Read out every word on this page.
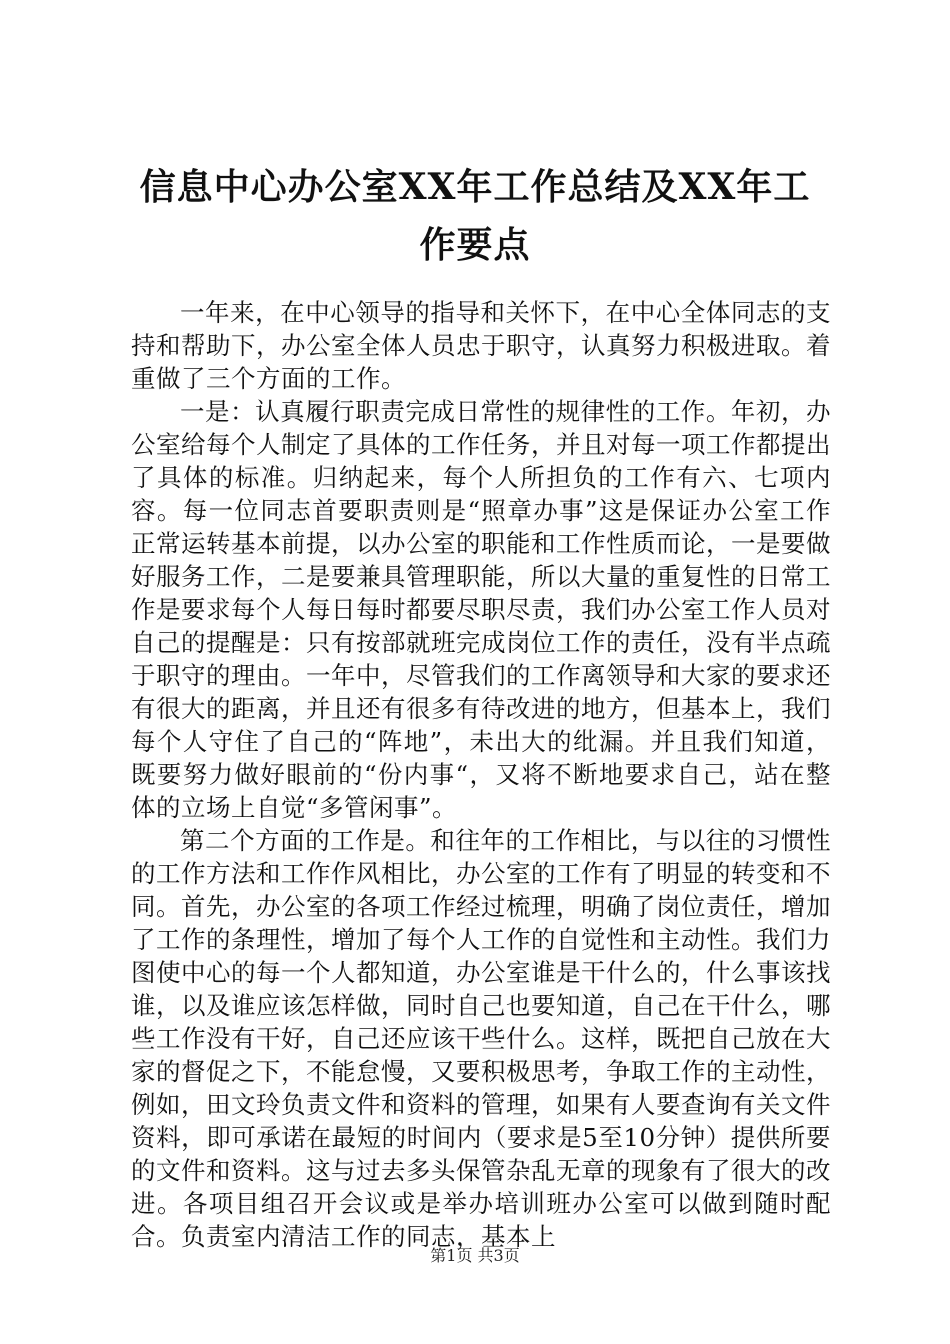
信息中心办公室XX年工作总结及XX年工作要点

一年来，在中心领导的指导和关怀下，在中心全体同志的支持和帮助下，办公室全体人员忠于职守，认真努力积极进取。着重做了三个方面的工作。

一是：认真履行职责完成日常性的规律性的工作。年初，办公室给每个人制定了具体的工作任务，并且对每一项工作都提出了具体的标准。归纳起来，每个人所担负的工作有六、七项内容。每一位同志首要职责则是“照章办事”这是保证办公室工作正常运转基本前提，以办公室的职能和工作性质而论，一是要做好服务工作，二是要兼具管理职能，所以大量的重复性的日常工作是要求每个人每日每时都要尽职尽责，我们办公室工作人员对自己的提醒是：只有按部就班完成岗位工作的责任，没有半点疏于职守的理由。一年中，尽管我们的工作离领导和大家的要求还有很大的距离，并且还有很多有待改进的地方，但基本上，我们每个人守住了自己的“阵地”，未出大的纰漏。并且我们知道，既要努力做好眼前的“份内事“，又将不断地要求自己，站在整体的立场上自觉“多管闲事”。

第二个方面的工作是。和往年的工作相比，与以往的习惯性的工作方法和工作作风相比，办公室的工作有了明显的转变和不同。首先，办公室的各项工作经过梳理，明确了岗位责任，增加了工作的条理性，增加了每个人工作的自觉性和主动性。我们力图使中心的每一个人都知道，办公室谁是干什么的，什么事该找谁，以及谁应该怎样做，同时自己也要知道，自己在干什么，哪些工作没有干好，自己还应该干些什么。这样，既把自己放在大家的督促之下，不能怠慢，又要积极思考，争取工作的主动性，例如，田文玲负责文件和资料的管理，如果有人要查询有关文件资料，即可承诺在最短的时间内（要求是5至10分钟）提供所要的文件和资料。这与过去多头保管杂乱无章的现象有了很大的改进。各项目组召开会议或是举办培训班办公室可以做到随时配合。负责室内清洁工作的同志，基本上

第1页 共3页
